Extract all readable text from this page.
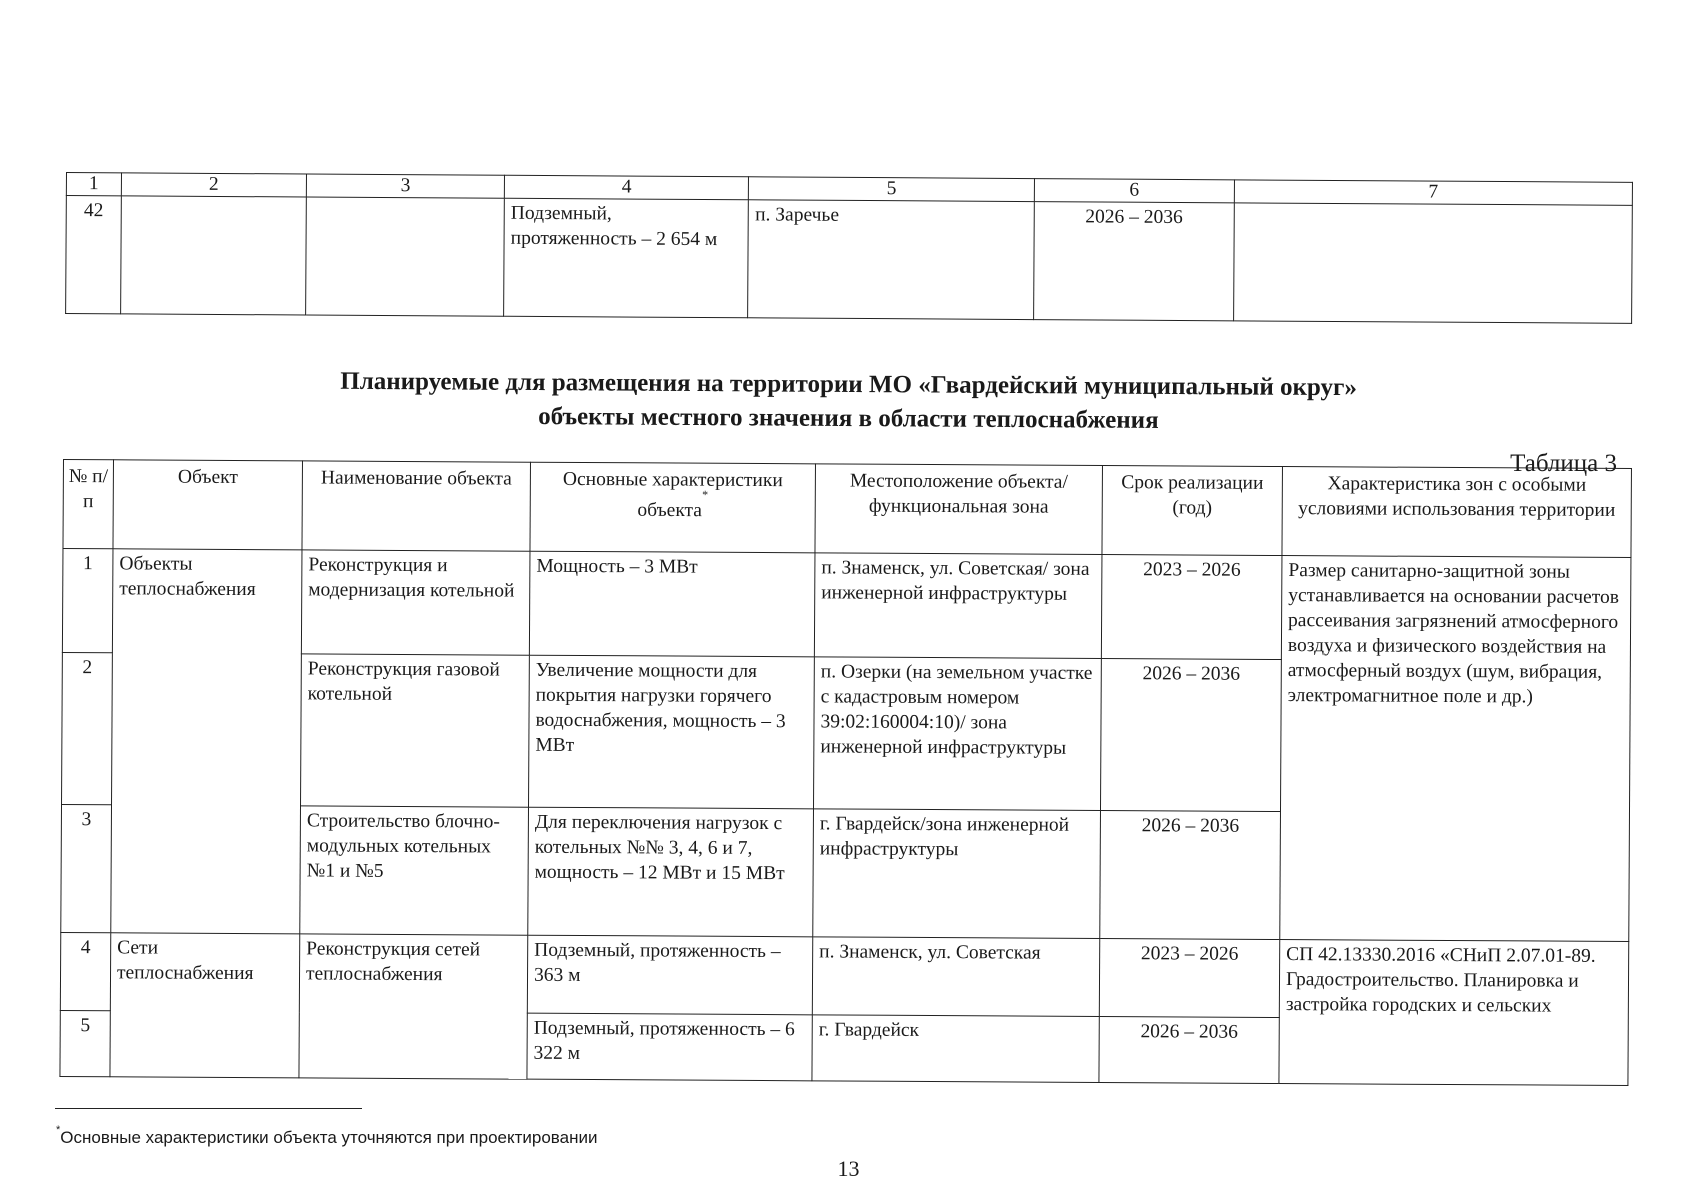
1	2	3	4	5	6	7
42			Подземный, протяженность – 2 654 м	п. Заречье	2026 – 2036	
Планируемые для размещения на территории МО «Гвардейский муниципальный округ»
объекты местного значения в области теплоснабжения
Таблица 3
№ п/п	Объект	Наименование объекта	Основные характеристики объекта*	Местоположение объекта/ функциональная зона	Срок реализации (год)	Характеристика зон с особыми условиями использования территории
1	Объекты теплоснабжения	Реконструкция и модернизация котельной	Мощность – 3 МВт	п. Знаменск, ул. Советская/ зона инженерной инфраструктуры	2023 – 2026	Размер санитарно-защитной зоны устанавливается на основании расчетов рассеивания загрязнений атмосферного воздуха и физического воздействия на атмосферный воздух (шум, вибрация, электромагнитное поле и др.)
2		Реконструкция газовой котельной	Увеличение мощности для покрытия нагрузки горячего водоснабжения, мощность – 3 МВт	п. Озерки (на земельном участке с кадастровым номером 39:02:160004:10)/ зона инженерной инфраструктуры	2026 – 2036	
3		Строительство блочно-модульных котельных №1 и №5	Для переключения нагрузок с котельных №№ 3, 4, 6 и 7, мощность – 12 МВт и 15 МВт	г. Гвардейск/зона инженерной инфраструктуры	2026 – 2036	
4	Сети теплоснабжения	Реконструкция сетей теплоснабжения	Подземный, протяженность – 363 м	п. Знаменск, ул. Советская	2023 – 2026	СП 42.13330.2016 «СНиП 2.07.01-89. Градостроительство. Планировка и застройка городских и сельских
5			Подземный, протяженность – 6 322 м	г. Гвардейск	2026 – 2036	
*Основные характеристики объекта уточняются при проектировании
13
